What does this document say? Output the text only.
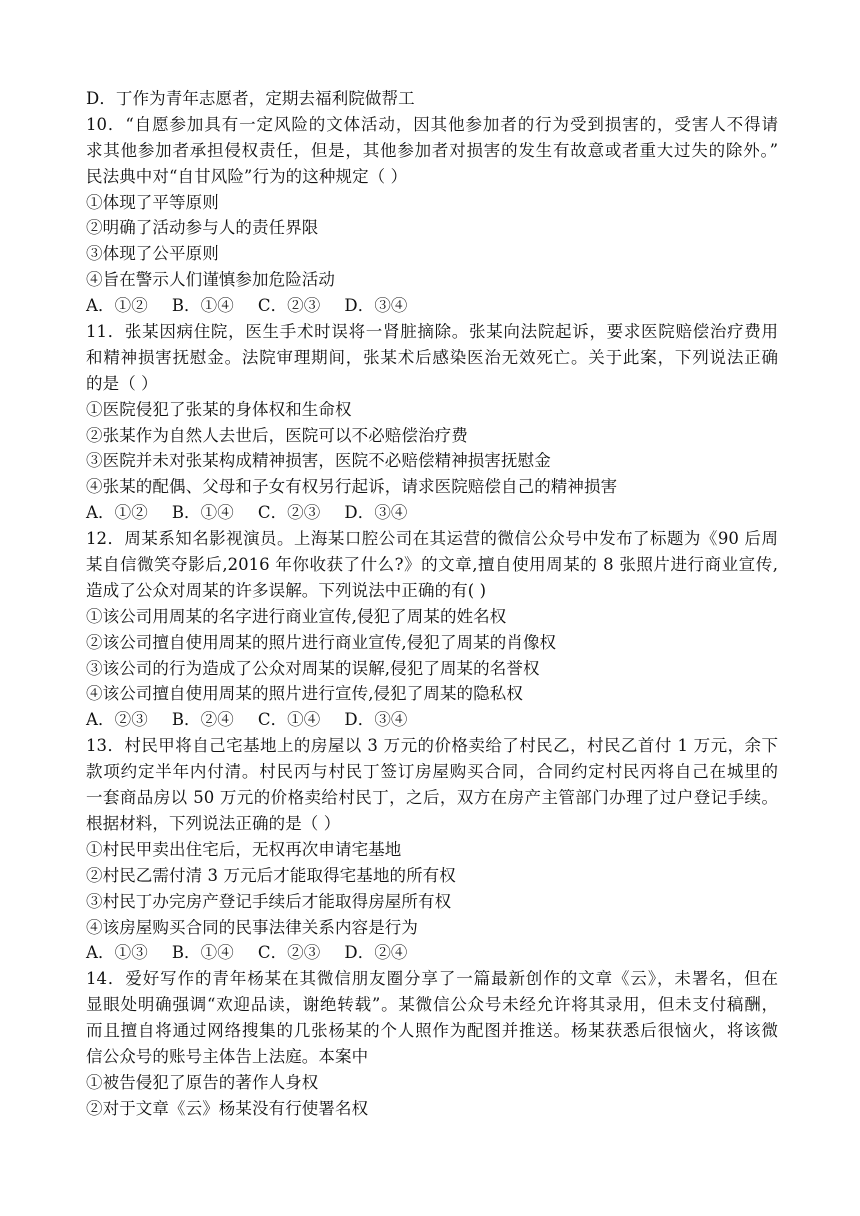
D．丁作为青年志愿者，定期去福利院做帮工
10．“自愿参加具有一定风险的文体活动，因其他参加者的行为受到损害的，受害人不得请
求其他参加者承担侵权责任，但是，其他参加者对损害的发生有故意或者重大过失的除外。”
民法典中对“自甘风险”行为的这种规定（ ）
①体现了平等原则
②明确了活动参与人的责任界限
③体现了公平原则
④旨在警示人们谨慎参加危险活动
A．①② B．①④ C．②③ D．③④
11．张某因病住院，医生手术时误将一肾脏摘除。张某向法院起诉，要求医院赔偿治疗费用
和精神损害抚慰金。法院审理期间，张某术后感染医治无效死亡。关于此案，下列说法正确
的是（ ）
①医院侵犯了张某的身体权和生命权
②张某作为自然人去世后，医院可以不必赔偿治疗费
③医院并未对张某构成精神损害，医院不必赔偿精神损害抚慰金
④张某的配偶、父母和子女有权另行起诉，请求医院赔偿自己的精神损害
A．①② B．①④ C．②③ D．③④
12．周某系知名影视演员。上海某口腔公司在其运营的微信公众号中发布了标题为《90 后周
某自信微笑夺影后,2016 年你收获了什么?》的文章,擅自使用周某的 8 张照片进行商业宣传,
造成了公众对周某的许多误解。下列说法中正确的有( )
①该公司用周某的名字进行商业宣传,侵犯了周某的姓名权
②该公司擅自使用周某的照片进行商业宣传,侵犯了周某的肖像权
③该公司的行为造成了公众对周某的误解,侵犯了周某的名誉权
④该公司擅自使用周某的照片进行宣传,侵犯了周某的隐私权
A．②③ B．②④ C．①④ D．③④
13．村民甲将自己宅基地上的房屋以 3 万元的价格卖给了村民乙，村民乙首付 1 万元，余下
款项约定半年内付清。村民丙与村民丁签订房屋购买合同，合同约定村民丙将自己在城里的
一套商品房以 50 万元的价格卖给村民丁，之后，双方在房产主管部门办理了过户登记手续。
根据材料，下列说法正确的是（ ）
①村民甲卖出住宅后，无权再次申请宅基地
②村民乙需付清 3 万元后才能取得宅基地的所有权
③村民丁办完房产登记手续后才能取得房屋所有权
④该房屋购买合同的民事法律关系内容是行为
A．①③ B．①④ C．②③ D．②④
14．爱好写作的青年杨某在其微信朋友圈分享了一篇最新创作的文章《云》，未署名，但在
显眼处明确强调“欢迎品读，谢绝转载”。某微信公众号未经允许将其录用，但未支付稿酬，
而且擅自将通过网络搜集的几张杨某的个人照作为配图并推送。杨某获悉后很恼火，将该微
信公众号的账号主体告上法庭。本案中
①被告侵犯了原告的著作人身权
②对于文章《云》杨某没有行使署名权
